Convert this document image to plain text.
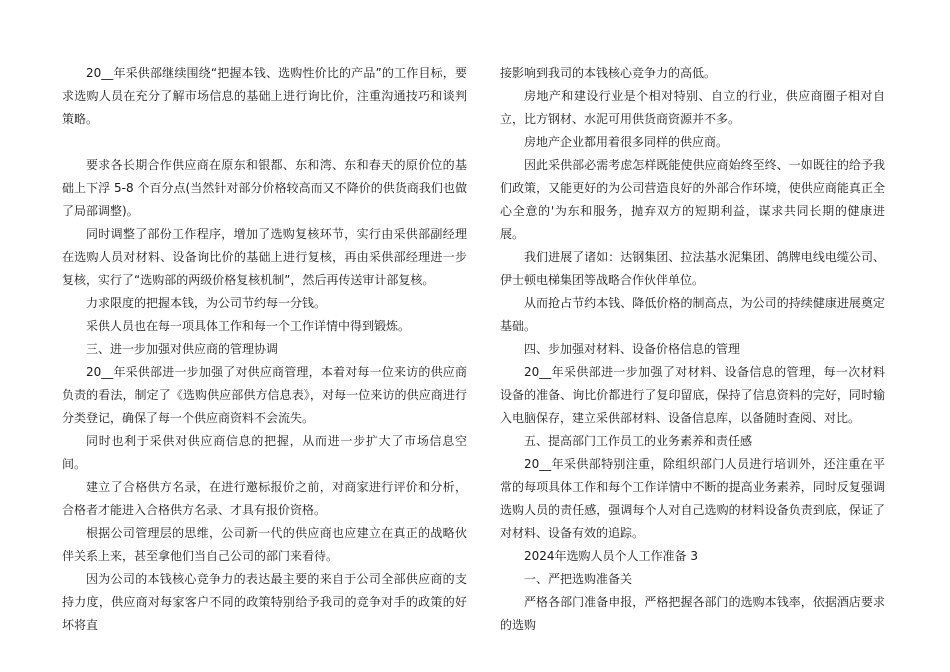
20__年采供部继续围绕“把握本钱、选购性价比的产品”的工作目标，要求选购人员在充分了解市场信息的基础上进行询比价，注重沟通技巧和谈判策略。

要求各长期合作供应商在原东和银都、东和湾、东和春天的原价位的基础上下浮 5-8 个百分点(当然针对部分价格较高而又不降价的供货商我们也做了局部调整)。

同时调整了部份工作程序，增加了选购复核环节，实行由采供部副经理在选购人员对材料、设备询比价的基础上进行复核，再由采供部经理进一步复核，实行了“选购部的两级价格复核机制”，然后再传送审计部复核。

力求限度的把握本钱，为公司节约每一分钱。

采供人员也在每一项具体工作和每一个工作详情中得到锻炼。

三、进一步加强对供应商的管理协调

20__年采供部进一步加强了对供应商管理，本着对每一位来访的供应商负责的看法，制定了《选购供应部供方信息表》，对每一位来访的供应商进行分类登记，确保了每一个供应商资料不会流失。

同时也利于采供对供应商信息的把握，从而进一步扩大了市场信息空间。

建立了合格供方名录，在进行邀标报价之前，对商家进行评价和分析，合格者才能进入合格供方名录、才具有报价资格。

根据公司管理层的思维，公司新一代的供应商也应建立在真正的战略伙伴关系上来，甚至拿他们当自己公司的部门来看待。

因为公司的本钱核心竞争力的表达最主要的来自于公司全部供应商的支持力度，供应商对每家客户不同的政策特别给予我司的竞争对手的政策的好坏将直

接影响到我司的本钱核心竞争力的高低。

房地产和建设行业是个相对特别、自立的行业，供应商圈子相对自立，比方钢材、水泥可用供货商资源并不多。

房地产企业都用着很多同样的供应商。

因此采供部必需考虑怎样既能使供应商始终至终、一如既往的给予我们政策，又能更好的为公司营造良好的外部合作环境，使供应商能真正全心全意的'为东和服务，抛弃双方的短期利益，谋求共同长期的健康进展。

我们进展了诸如：达钢集团、拉法基水泥集团、鸽牌电线电缆公司、伊士顿电梯集团等战略合作伙伴单位。

从而抢占节约本钱、降低价格的制高点，为公司的持续健康进展奠定基础。

四、步加强对材料、设备价格信息的管理

20__年采供部进一步加强了对材料、设备信息的管理，每一次材料设备的准备、询比价都进行了复印留底，保持了信息资料的完好，同时输入电脑保存，建立采供部材料、设备信息库，以备随时查阅、对比。

五、提高部门工作员工的业务素养和责任感

20__年采供部特别注重，除组织部门人员进行培训外，还注重在平常的每项具体工作和每个工作详情中不断的提高业务素养，同时反复强调选购人员的责任感，强调每个人对自己选购的材料设备负责到底，保证了对材料、设备有效的追踪。

2024年选购人员个人工作准备 3

一、严把选购准备关

严格各部门准备申报，严格把握各部门的选购本钱率，依据酒店要求的选购
